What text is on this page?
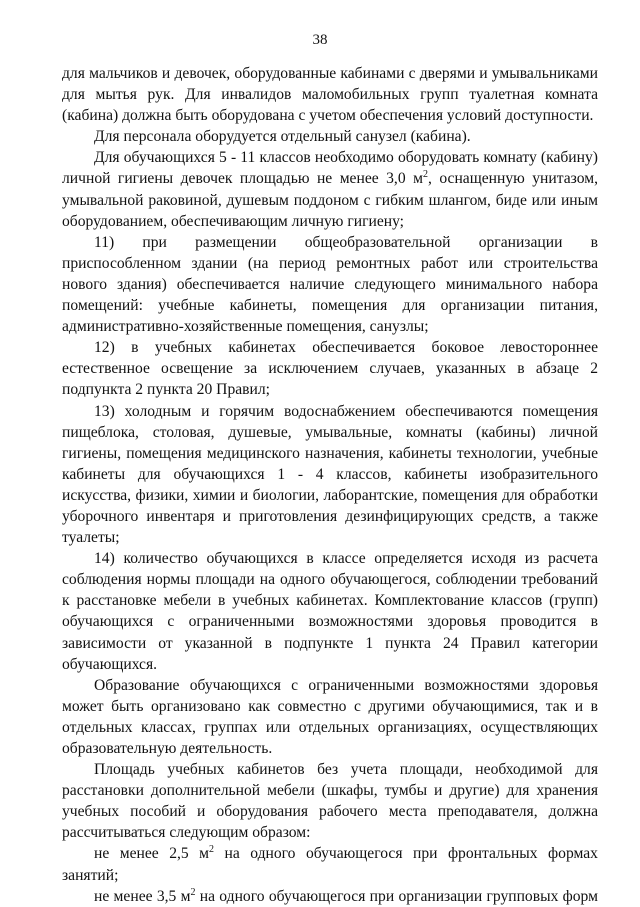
38

для мальчиков и девочек, оборудованные кабинами с дверями и умывальниками для мытья рук. Для инвалидов маломобильных групп туалетная комната (кабина) должна быть оборудована с учетом обеспечения условий доступности.

Для персонала оборудуется отдельный санузел (кабина).

Для обучающихся 5 - 11 классов необходимо оборудовать комнату (кабину) личной гигиены девочек площадью не менее 3,0 $м^2$, оснащенную унитазом, умывальной раковиной, душевым поддоном с гибким шлангом, биде или иным оборудованием, обеспечивающим личную гигиену;

11) при размещении общеобразовательной организации в приспособленном здании (на период ремонтных работ или строительства нового здания) обеспечивается наличие следующего минимального набора помещений: учебные кабинеты, помещения для организации питания, административно-хозяйственные помещения, санузлы;

12) в учебных кабинетах обеспечивается боковое левостороннее естественное освещение за исключением случаев, указанных в абзаце 2 подпункта 2 пункта 20 Правил;

13) холодным и горячим водоснабжением обеспечиваются помещения пищеблока, столовая, душевые, умывальные, комнаты (кабины) личной гигиены, помещения медицинского назначения, кабинеты технологии, учебные кабинеты для обучающихся 1 - 4 классов, кабинеты изобразительного искусства, физики, химии и биологии, лаборантские, помещения для обработки уборочного инвентаря и приготовления дезинфицирующих средств, а также туалеты;

14) количество обучающихся в классе определяется исходя из расчета соблюдения нормы площади на одного обучающегося, соблюдении требований к расстановке мебели в учебных кабинетах. Комплектование классов (групп) обучающихся с ограниченными возможностями здоровья проводится в зависимости от указанной в подпункте 1 пункта 24 Правил категории обучающихся.

Образование обучающихся с ограниченными возможностями здоровья может быть организовано как совместно с другими обучающимися, так и в отдельных классах, группах или отдельных организациях, осуществляющих образовательную деятельность.

Площадь учебных кабинетов без учета площади, необходимой для расстановки дополнительной мебели (шкафы, тумбы и другие) для хранения учебных пособий и оборудования рабочего места преподавателя, должна рассчитываться следующим образом:

не менее 2,5 $м^2$ на одного обучающегося при фронтальных формах занятий;

не менее 3,5 $м^2$ на одного обучающегося при организации групповых форм
